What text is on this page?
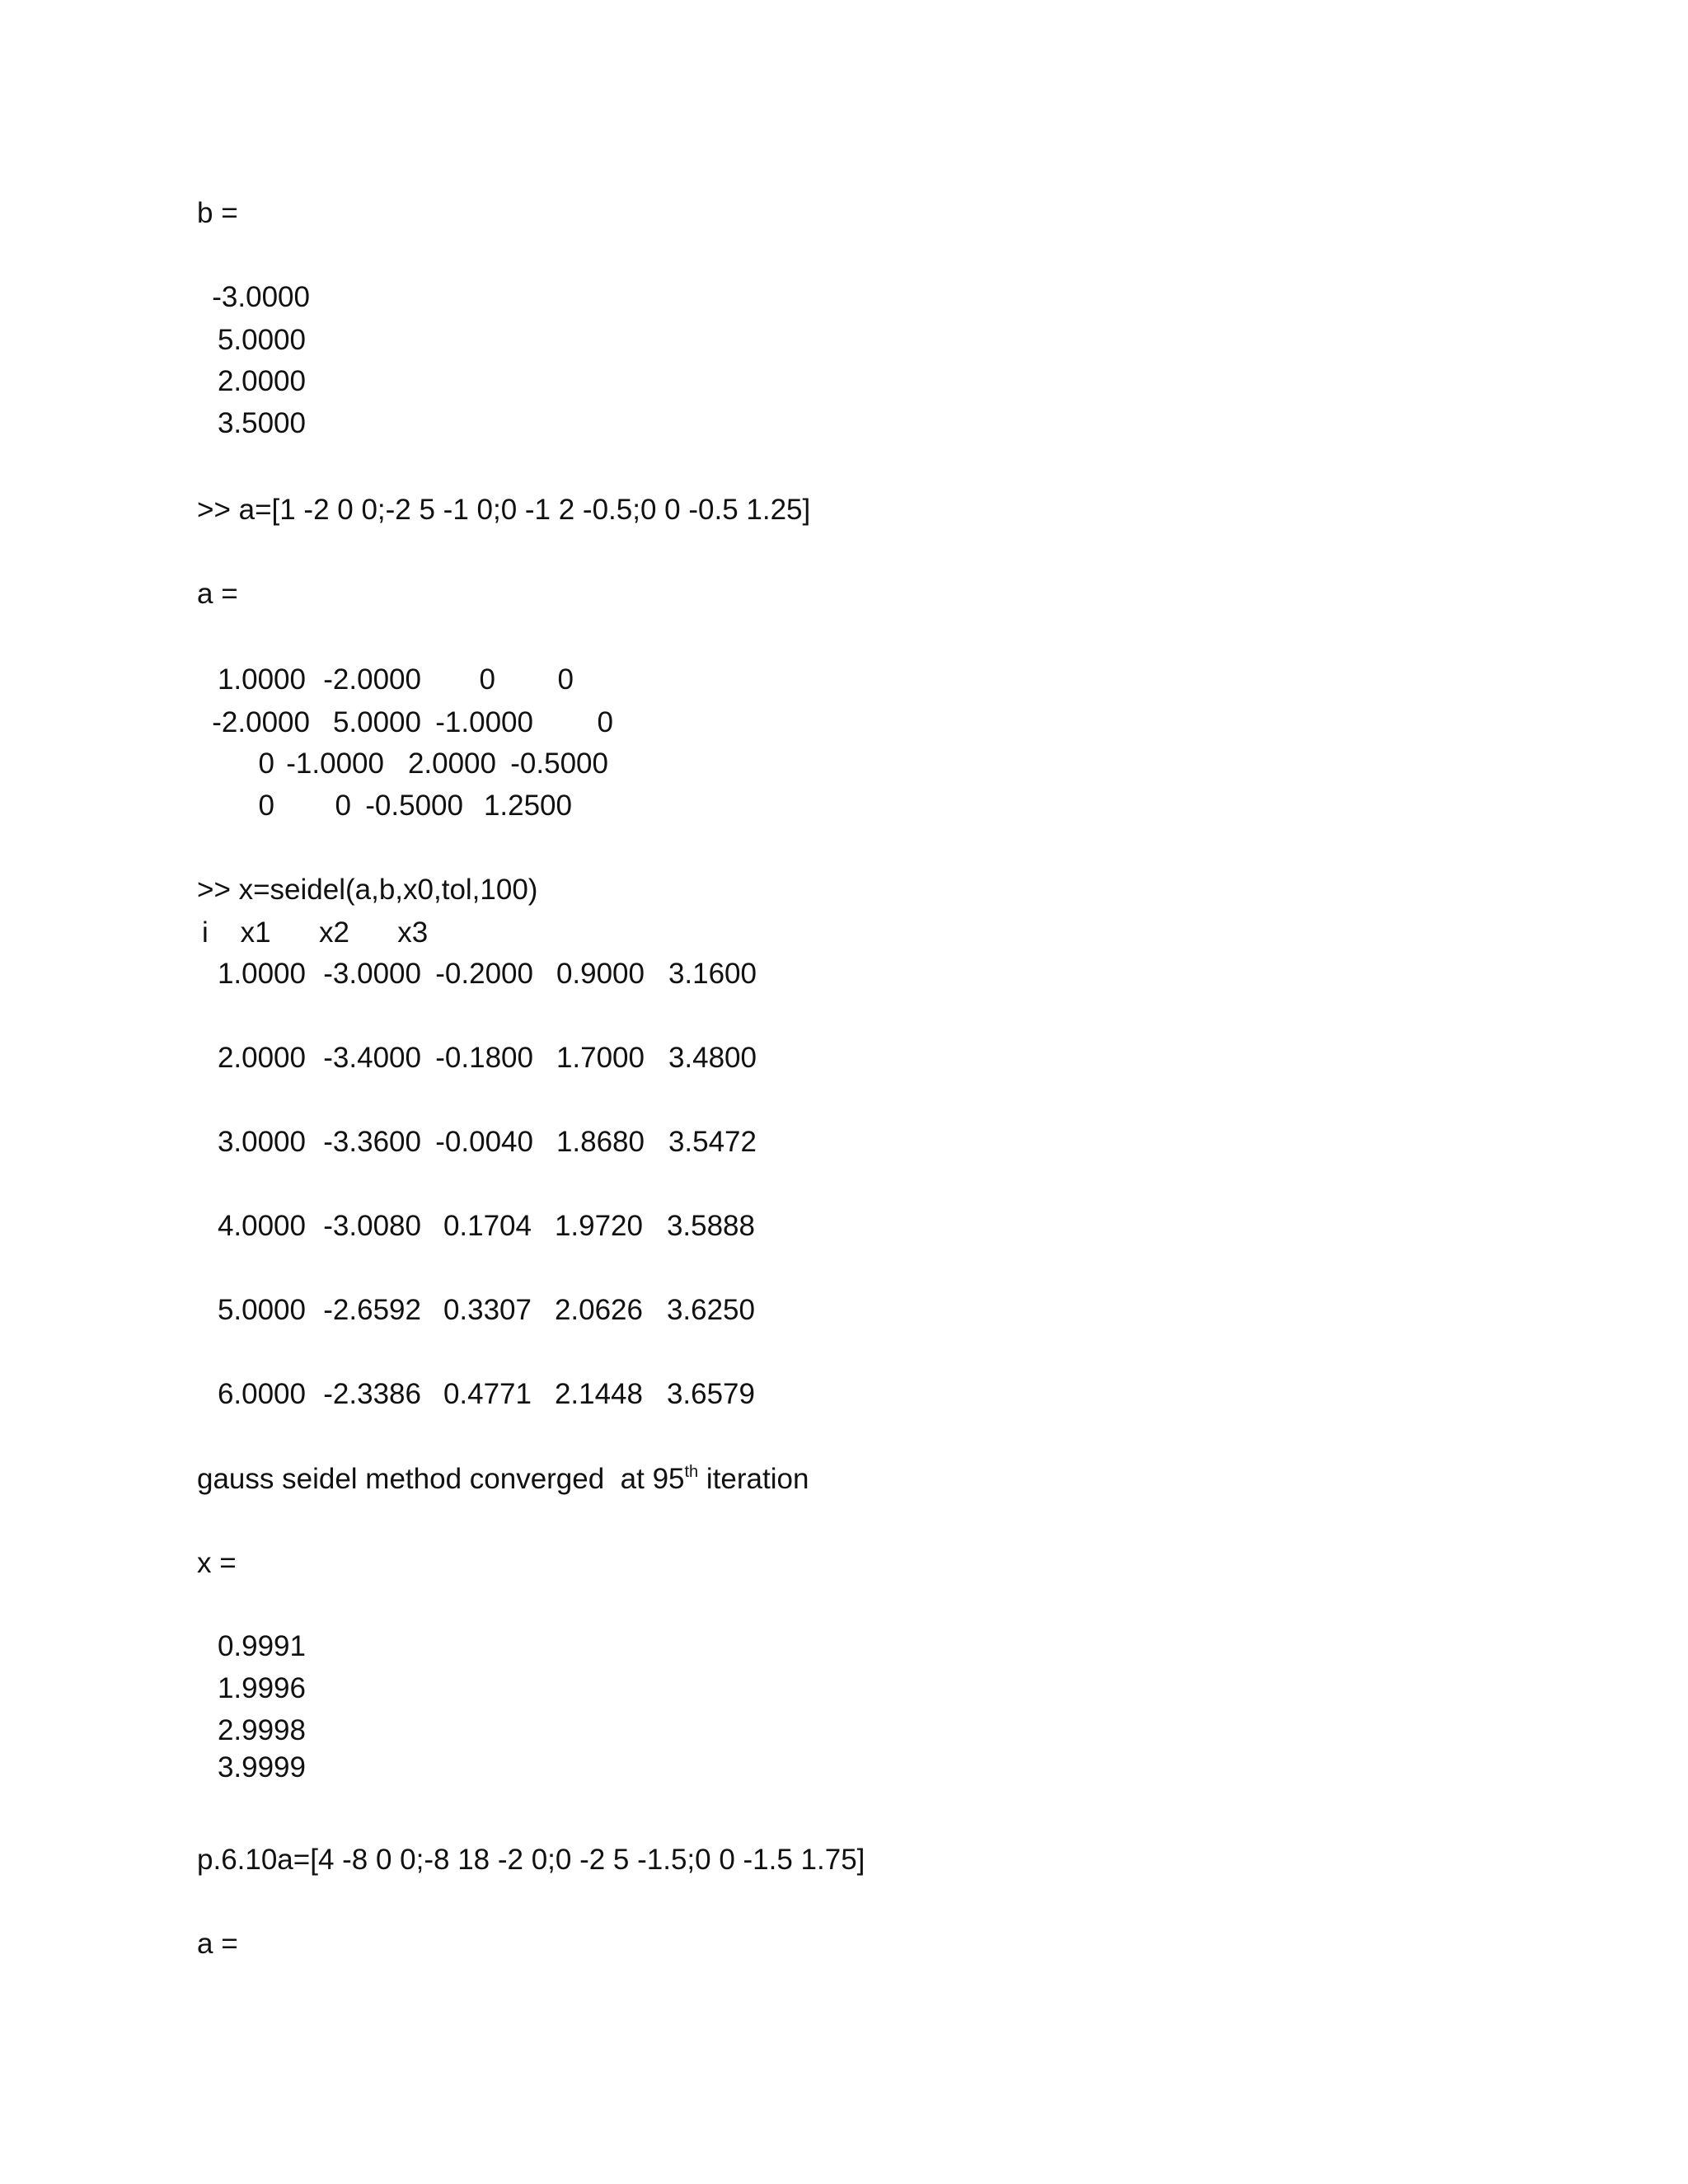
b =
-3.0000
5.0000
2.0000
3.5000
>> a=[1 -2 0 0;-2 5 -1 0;0 -1 2 -0.5;0 0 -0.5 1.25]
a =
1.0000 -2.0000 0 0
-2.0000 5.0000 -1.0000 0
0 -1.0000 2.0000 -0.5000
0 0 -0.5000 1.2500
>> x=seidel(a,b,x0,tol,100)
i    x1      x2      x3
1.0000 -3.0000 -0.2000 0.9000 3.1600
2.0000 -3.4000 -0.1800 1.7000 3.4800
3.0000 -3.3600 -0.0040 1.8680 3.5472
4.0000 -3.0080 0.1704 1.9720 3.5888
5.0000 -2.6592 0.3307 2.0626 3.6250
6.0000 -2.3386 0.4771 2.1448 3.6579
gauss seidel method converged  at 95th iteration
x =
0.9991
1.9996
2.9998
3.9999
p.6.10a=[4 -8 0 0;-8 18 -2 0;0 -2 5 -1.5;0 0 -1.5 1.75]
a =
